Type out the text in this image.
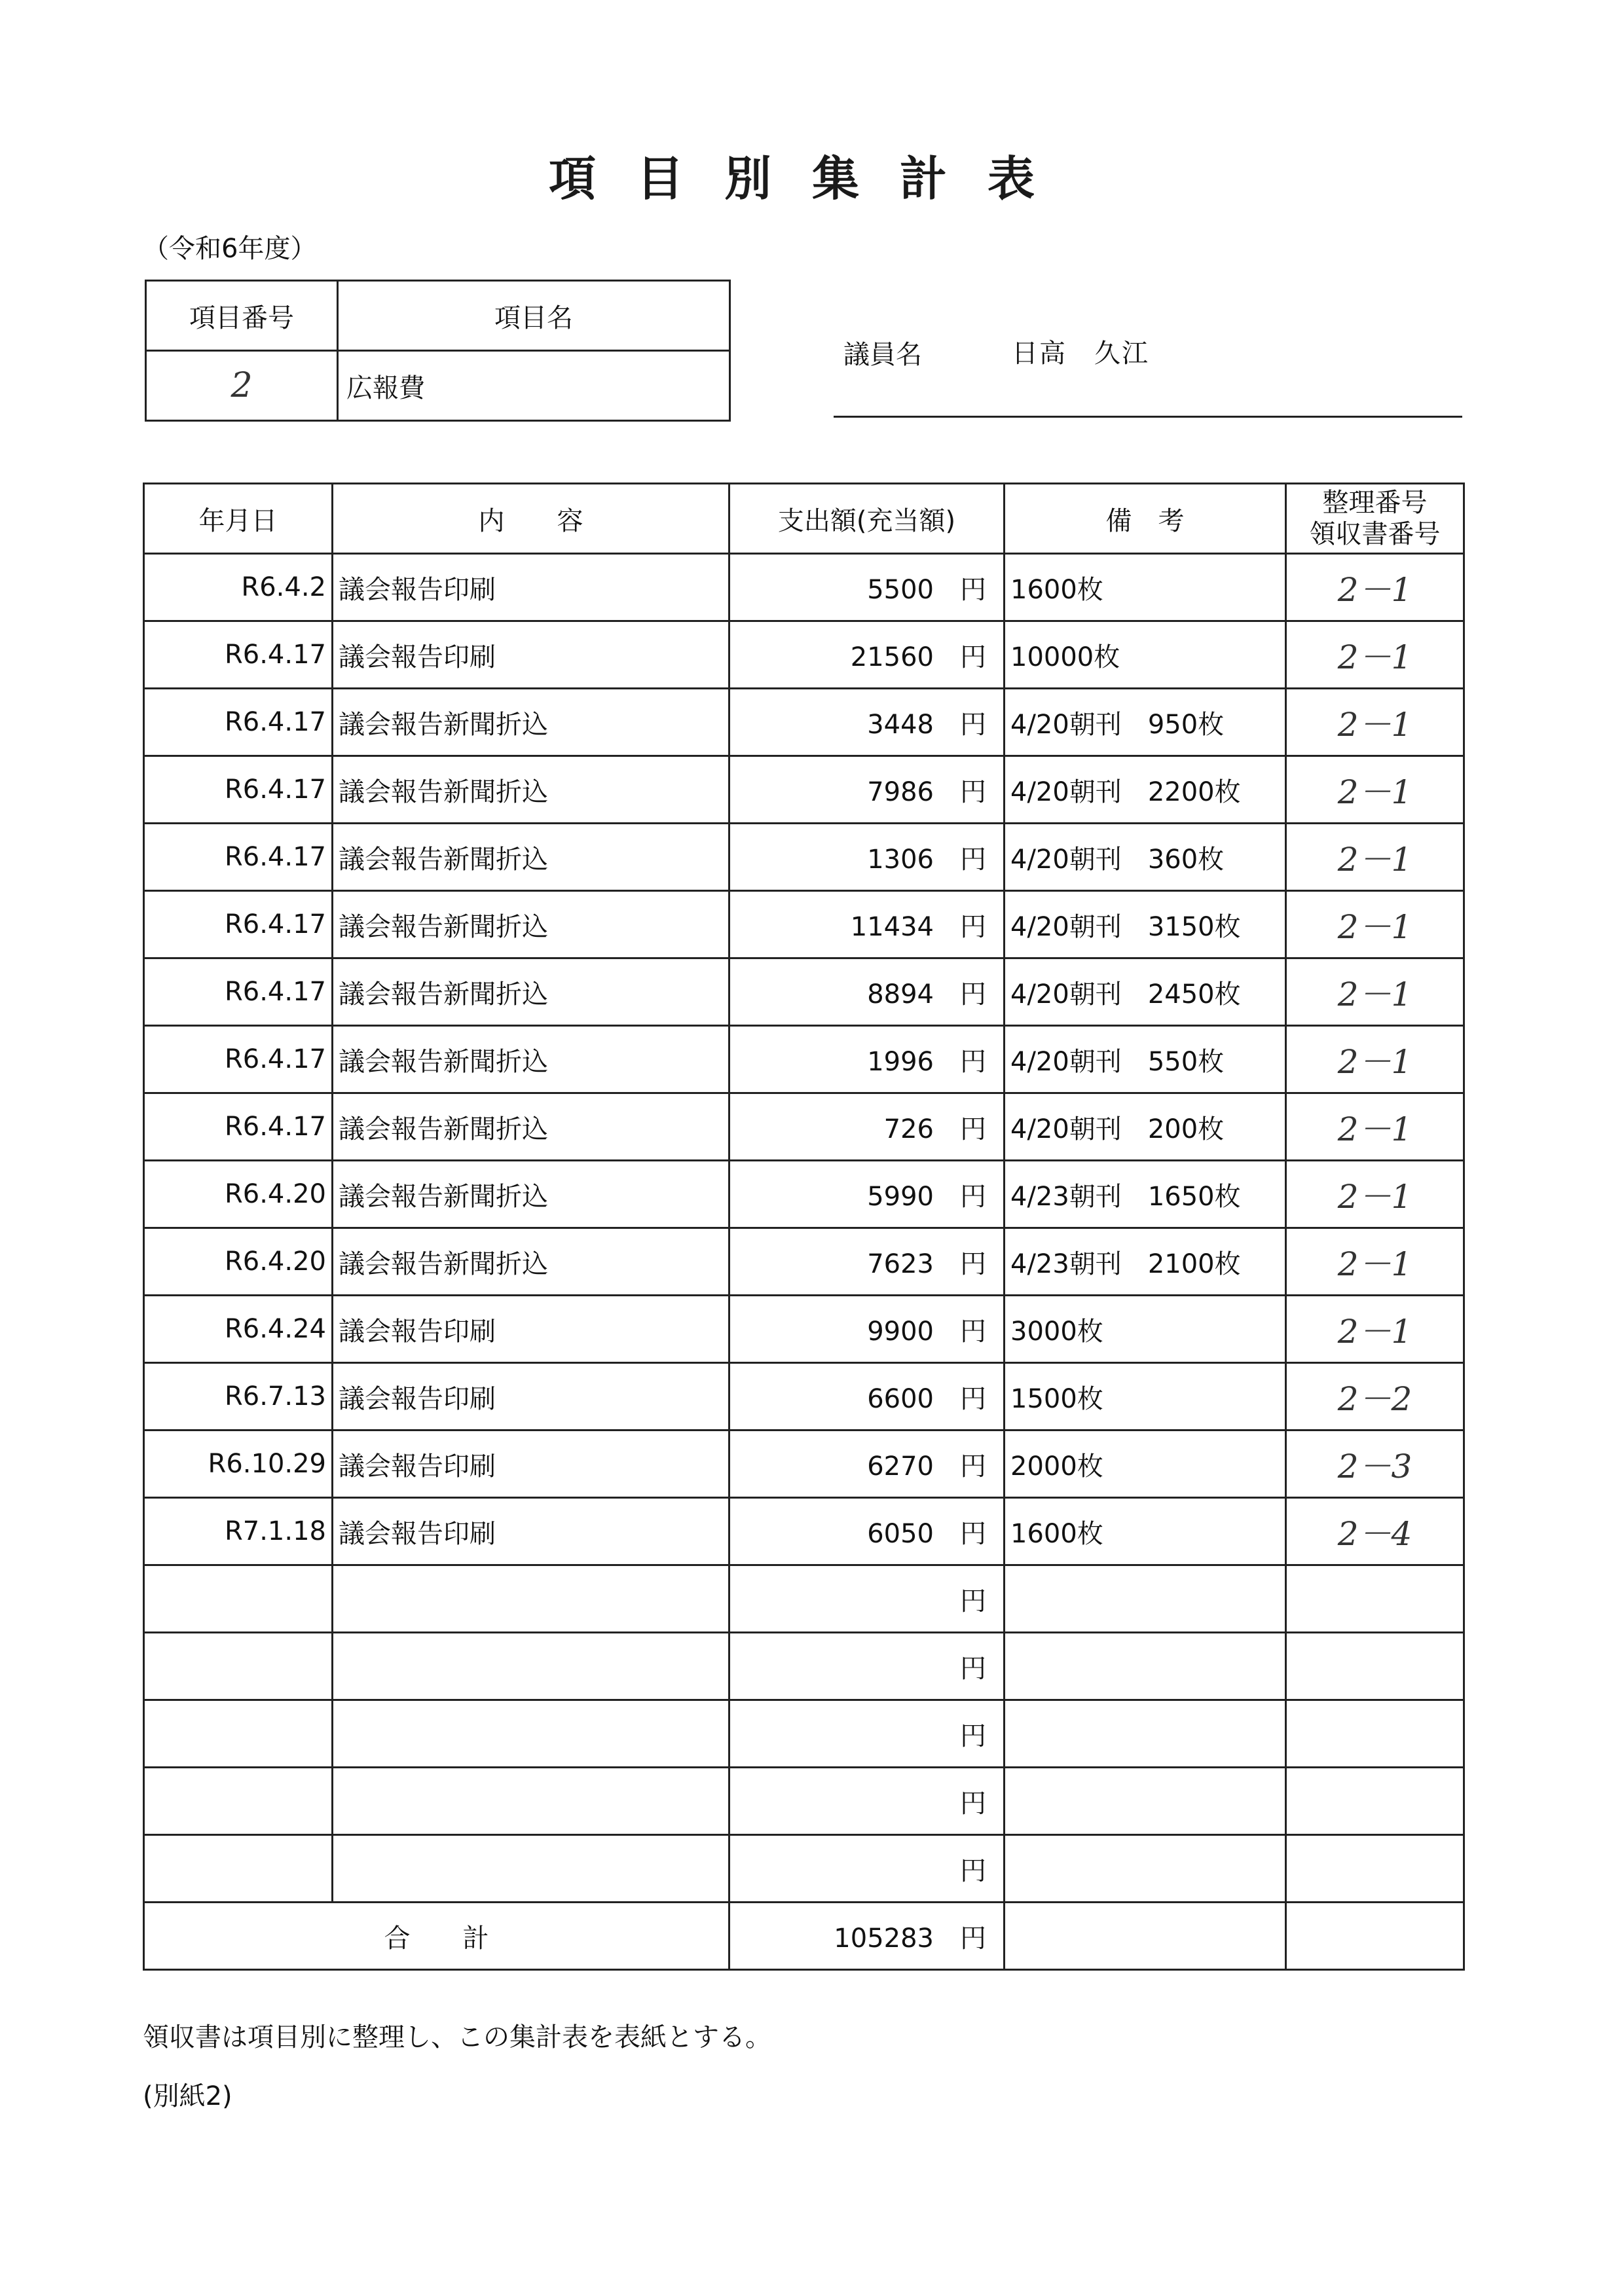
項目別集計表
（令和6年度）
項目番号	項目名
2	広報費
議員名	日高　久江
年月日	内　　容	支出額(充当額)	備　考	整理番号
領収書番号

R6.4.2	議会報告印刷	5500 円	1600枚	2－1
R6.4.17	議会報告印刷	21560 円	10000枚	2－1
R6.4.17	議会報告新聞折込	3448 円	4/20朝刊　950枚	2－1
R6.4.17	議会報告新聞折込	7986 円	4/20朝刊　2200枚	2－1
R6.4.17	議会報告新聞折込	1306 円	4/20朝刊　360枚	2－1
R6.4.17	議会報告新聞折込	11434 円	4/20朝刊　3150枚	2－1
R6.4.17	議会報告新聞折込	8894 円	4/20朝刊　2450枚	2－1
R6.4.17	議会報告新聞折込	1996 円	4/20朝刊　550枚	2－1
R6.4.17	議会報告新聞折込	726 円	4/20朝刊　200枚	2－1
R6.4.20	議会報告新聞折込	5990 円	4/23朝刊　1650枚	2－1
R6.4.20	議会報告新聞折込	7623 円	4/23朝刊　2100枚	2－1
R6.4.24	議会報告印刷	9900 円	3000枚	2－1
R6.7.13	議会報告印刷	6600 円	1500枚	2－2
R6.10.29	議会報告印刷	6270 円	2000枚	2－3
R7.1.18	議会報告印刷	6050 円	1600枚	2－4
		円		
		円		
		円		
		円		
		円		
合　　計		105283 円		
領収書は項目別に整理し、この集計表を表紙とする。
(別紙2)
